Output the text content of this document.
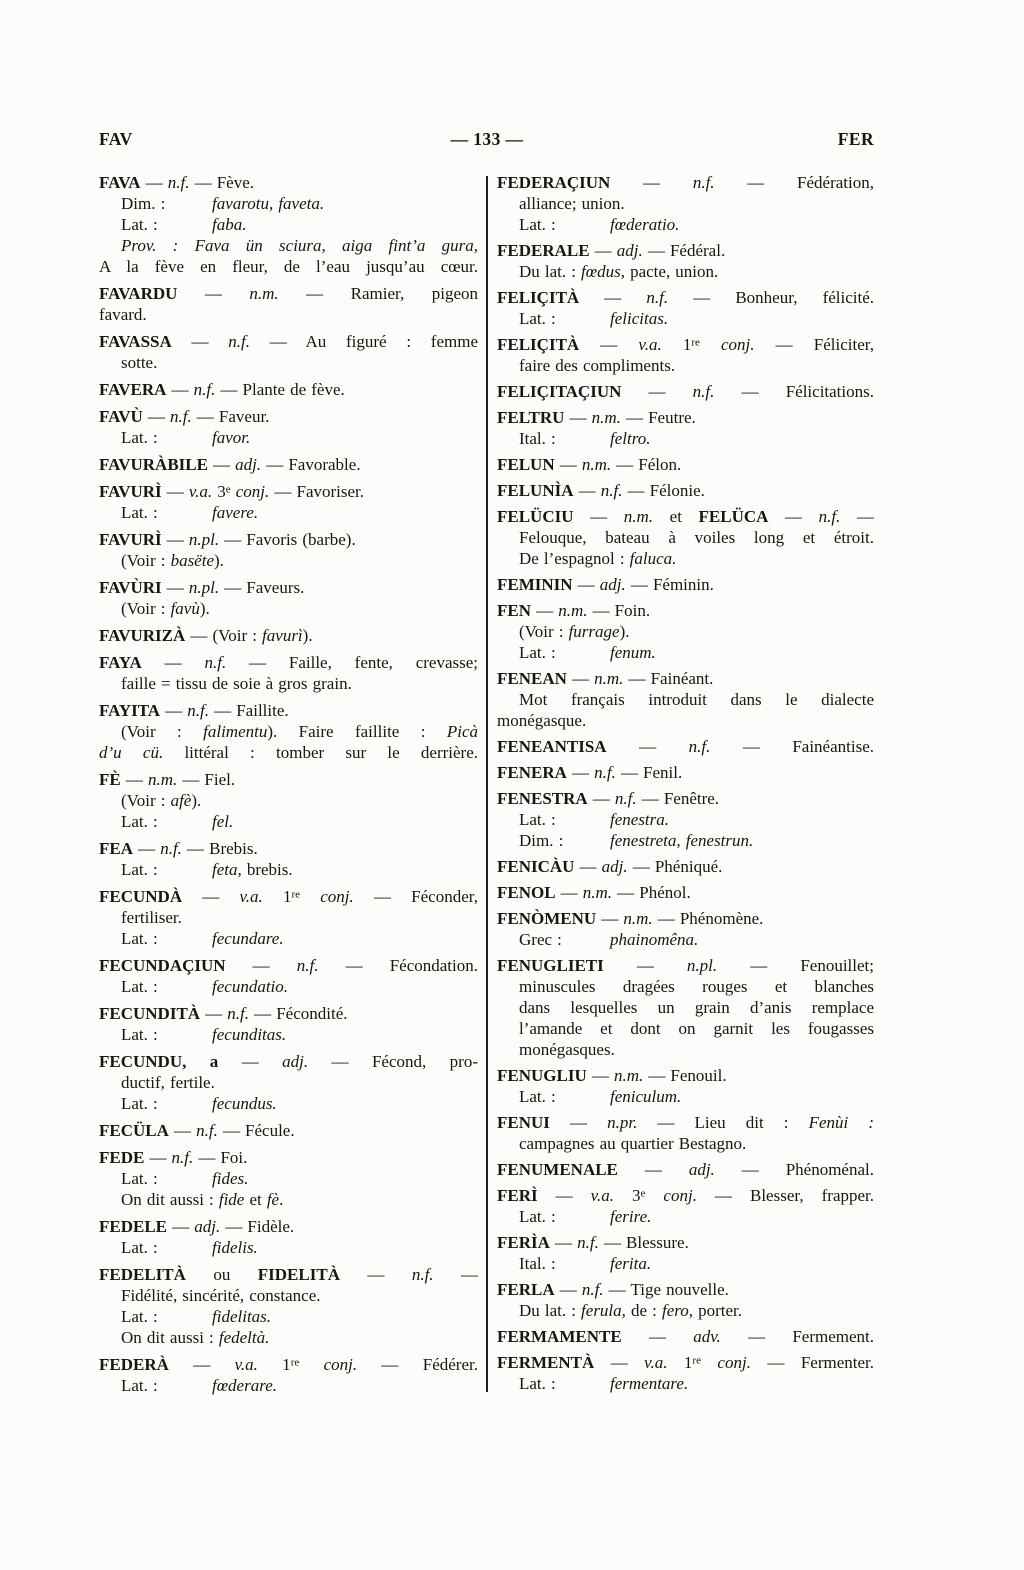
FAV	— 133 —	FER
FAVA — n.f. — Fève.
Dim. :	favarotu, faveta.
Lat. :	faba.
Prov. : Fava ün sciura, aiga fint’a gura,
A la fève en fleur, de l’eau jusqu’au cœur.
FAVARDU — n.m. — Ramier, pigeon
favard.
FAVASSA — n.f. — Au figuré : femme
sotte.
FAVERA — n.f. — Plante de fève.
FAVÙ — n.f. — Faveur.
Lat. :	favor.
FAVURÀBILE — adj. — Favorable.
FAVURÌ — v.a. 3e conj. — Favoriser.
Lat. :	favere.
FAVURÌ — n.pl. — Favoris (barbe).
(Voir : basëte).
FAVÙRI — n.pl. — Faveurs.
(Voir : favù).
FAVURIZÀ — (Voir : favurì).
FAYA — n.f. — Faille, fente, crevasse;
faille = tissu de soie à gros grain.
FAYITA — n.f. — Faillite.
(Voir : falimentu). Faire faillite : Picà
d’u cü. littéral : tomber sur le derrière.
FÈ — n.m. — Fiel.
(Voir : afè).
Lat. :	fel.
FEA — n.f. — Brebis.
Lat. :	feta, brebis.
FECUNDÀ — v.a. 1re conj. — Féconder,
fertiliser.
Lat. :	fecundare.
FECUNDAÇIUN — n.f. — Fécondation.
Lat. :	fecundatio.
FECUNDITÀ — n.f. — Fécondité.
Lat. :	fecunditas.
FECUNDU, a — adj. — Fécond, pro-
ductif, fertile.
Lat. :	fecundus.
FECÜLA — n.f. — Fécule.
FEDE — n.f. — Foi.
Lat. :	fides.
On dit aussi : fide et fè.
FEDELE — adj. — Fidèle.
Lat. :	fidelis.
FEDELITÀ ou FIDELITÀ — n.f. —
Fidélité, sincérité, constance.
Lat. :	fidelitas.
On dit aussi : fedeltà.
FEDERÀ — v.a. 1re conj. — Fédérer.
Lat. :	fœderare.
FEDERAÇIUN — n.f. — Fédération,
alliance; union.
Lat. :	fœderatio.
FEDERALE — adj. — Fédéral.
Du lat. : fœdus, pacte, union.
FELIÇITÀ — n.f. — Bonheur, félicité.
Lat. :	felicitas.
FELIÇITÀ — v.a. 1re conj. — Féliciter,
faire des compliments.
FELIÇITAÇIUN — n.f. — Félicitations.
FELTRU — n.m. — Feutre.
Ital. :	feltro.
FELUN — n.m. — Félon.
FELUNÌA — n.f. — Félonie.
FELÜCIU — n.m. et FELÜCA — n.f. —
Felouque, bateau à voiles long et étroit.
De l’espagnol : faluca.
FEMININ — adj. — Féminin.
FEN — n.m. — Foin.
(Voir : furrage).
Lat. :	fenum.
FENEAN — n.m. — Fainéant.
Mot français introduit dans le dialecte
monégasque.
FENEANTISA — n.f. — Fainéantise.
FENERA — n.f. — Fenil.
FENESTRA — n.f. — Fenêtre.
Lat. :	fenestra.
Dim. :	fenestreta, fenestrun.
FENICÀU — adj. — Phéniqué.
FENOL — n.m. — Phénol.
FENÒMENU — n.m. — Phénomène.
Grec :	phainomêna.
FENUGLIETI — n.pl. — Fenouillet;
minuscules dragées rouges et blanches
dans lesquelles un grain d’anis remplace
l’amande et dont on garnit les fougasses
monégasques.
FENUGLIU — n.m. — Fenouil.
Lat. :	feniculum.
FENUI — n.pr. — Lieu dit : Fenùi :
campagnes au quartier Bestagno.
FENUMENALE — adj. — Phénoménal.
FERÌ — v.a. 3e conj. — Blesser, frapper.
Lat. :	ferire.
FERÌA — n.f. — Blessure.
Ital. :	ferita.
FERLA — n.f. — Tige nouvelle.
Du lat. : ferula, de : fero, porter.
FERMAMENTE — adv. — Fermement.
FERMENTÀ — v.a. 1re conj. — Fermenter.
Lat. :	fermentare.
